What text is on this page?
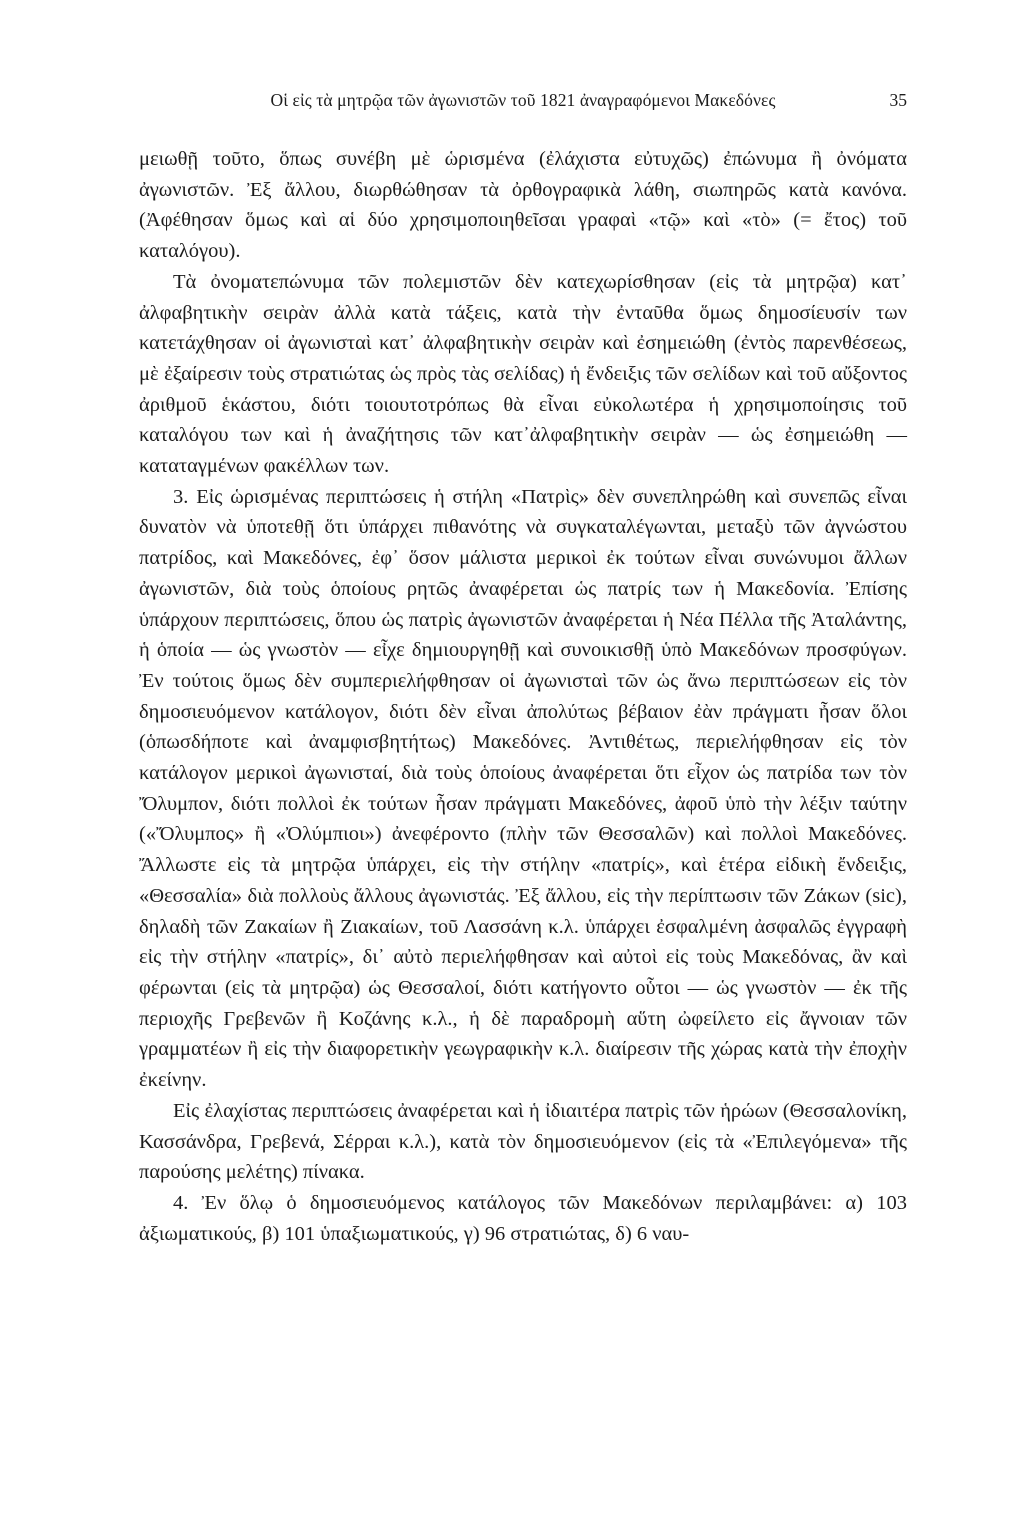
Οἱ εἰς τὰ μητρῷα τῶν ἀγωνιστῶν τοῦ 1821 ἀναγραφόμενοι Μακεδόνες	35

μειωθῇ τοῦτο, ὅπως συνέβη μὲ ὡρισμένα (ἐλάχιστα εὐτυχῶς) ἐπώνυμα ἢ ὀνόματα ἀγωνιστῶν. Ἐξ ἄλλου, διωρθώθησαν τὰ ὀρθογραφικὰ λάθη, σιωπηρῶς κατὰ κανόνα. (Ἀφέθησαν ὅμως καὶ αἱ δύο χρησιμοποιηθεῖσαι γραφαὶ «τῷ» καὶ «τὸ» (= ἔτος) τοῦ καταλόγου).

Τὰ ὀνοματεπώνυμα τῶν πολεμιστῶν δὲν κατεχωρίσθησαν (εἰς τὰ μητρῷα) κατ᾽ ἀλφαβητικὴν σειρὰν ἀλλὰ κατὰ τάξεις, κατὰ τὴν ἐνταῦθα ὅμως δημοσίευσίν των κατετάχθησαν οἱ ἀγωνισταὶ κατ᾽ ἀλφαβητικὴν σειρὰν καὶ ἐσημειώθη (ἐντὸς παρενθέσεως, μὲ ἐξαίρεσιν τοὺς στρατιώτας ὡς πρὸς τὰς σελίδας) ἡ ἔνδειξις τῶν σελίδων καὶ τοῦ αὔξοντος ἀριθμοῦ ἑκάστου, διότι τοιουτοτρόπως θὰ εἶναι εὐκολωτέρα ἡ χρησιμοποίησις τοῦ καταλόγου των καὶ ἡ ἀναζήτησις τῶν κατ᾽ἀλφαβητικὴν σειρὰν — ὡς ἐσημειώθη — καταταγμένων φακέλλων των.

3. Εἰς ὡρισμένας περιπτώσεις ἡ στήλη «Πατρὶς» δὲν συνεπληρώθη καὶ συνεπῶς εἶναι δυνατὸν νὰ ὑποτεθῇ ὅτι ὑπάρχει πιθανότης νὰ συγκαταλέγωνται, μεταξὺ τῶν ἀγνώστου πατρίδος, καὶ Μακεδόνες, ἐφ᾽ ὅσον μάλιστα μερικοὶ ἐκ τούτων εἶναι συνώνυμοι ἄλλων ἀγωνιστῶν, διὰ τοὺς ὁποίους ρητῶς ἀναφέρεται ὡς πατρίς των ἡ Μακεδονία. Ἐπίσης ὑπάρχουν περιπτώσεις, ὅπου ὡς πατρὶς ἀγωνιστῶν ἀναφέρεται ἡ Νέα Πέλλα τῆς Ἀταλάντης, ἡ ὁποία — ὡς γνωστὸν — εἶχε δημιουργηθῇ καὶ συνοικισθῇ ὑπὸ Μακεδόνων προσφύγων. Ἐν τούτοις ὅμως δὲν συμπεριελήφθησαν οἱ ἀγωνισταὶ τῶν ὡς ἄνω περιπτώσεων εἰς τὸν δημοσιευόμενον κατάλογον, διότι δὲν εἶναι ἀπολύτως βέβαιον ἐὰν πράγματι ἦσαν ὅλοι (ὁπωσδήποτε καὶ ἀναμφισβητήτως) Μακεδόνες. Ἀντιθέτως, περιελήφθησαν εἰς τὸν κατάλογον μερικοὶ ἀγωνισταί, διὰ τοὺς ὁποίους ἀναφέρεται ὅτι εἶχον ὡς πατρίδα των τὸν Ὄλυμπον, διότι πολλοὶ ἐκ τούτων ἦσαν πράγματι Μακεδόνες, ἀφοῦ ὑπὸ τὴν λέξιν ταύτην («Ὄλυμπος» ἢ «Ὀλύμπιοι») ἀνεφέροντο (πλὴν τῶν Θεσσαλῶν) καὶ πολλοὶ Μακεδόνες. Ἄλλωστε εἰς τὰ μητρῷα ὑπάρχει, εἰς τὴν στήλην «πατρίς», καὶ ἑτέρα εἰδικὴ ἔνδειξις, «Θεσσαλία» διὰ πολλοὺς ἄλλους ἀγωνιστάς. Ἐξ ἄλλου, εἰς τὴν περίπτωσιν τῶν Ζάκων (sic), δηλαδὴ τῶν Ζακαίων ἢ Ζιακαίων, τοῦ Λασσάνη κ.λ. ὑπάρχει ἐσφαλμένη ἀσφαλῶς ἐγγραφὴ εἰς τὴν στήλην «πατρίς», δι᾽ αὐτὸ περιελήφθησαν καὶ αὐτοὶ εἰς τοὺς Μακεδόνας, ἂν καὶ φέρωνται (εἰς τὰ μητρῷα) ὡς Θεσσαλοί, διότι κατήγοντο οὗτοι — ὡς γνωστὸν — ἐκ τῆς περιοχῆς Γρεβενῶν ἢ Κοζάνης κ.λ., ἡ δὲ παραδρομὴ αὕτη ὠφείλετο εἰς ἄγνοιαν τῶν γραμματέων ἢ εἰς τὴν διαφορετικὴν γεωγραφικὴν κ.λ. διαίρεσιν τῆς χώρας κατὰ τὴν ἐποχὴν ἐκείνην.

Εἰς ἐλαχίστας περιπτώσεις ἀναφέρεται καὶ ἡ ἰδιαιτέρα πατρὶς τῶν ἡρώων (Θεσσαλονίκη, Κασσάνδρα, Γρεβενά, Σέρραι κ.λ.), κατὰ τὸν δημοσιευόμενον (εἰς τὰ «Ἐπιλεγόμενα» τῆς παρούσης μελέτης) πίνακα.

4. Ἐν ὅλῳ ὁ δημοσιευόμενος κατάλογος τῶν Μακεδόνων περιλαμβάνει: α) 103 ἀξιωματικούς, β) 101 ὑπαξιωματικούς, γ) 96 στρατιώτας, δ) 6 ναυ-
